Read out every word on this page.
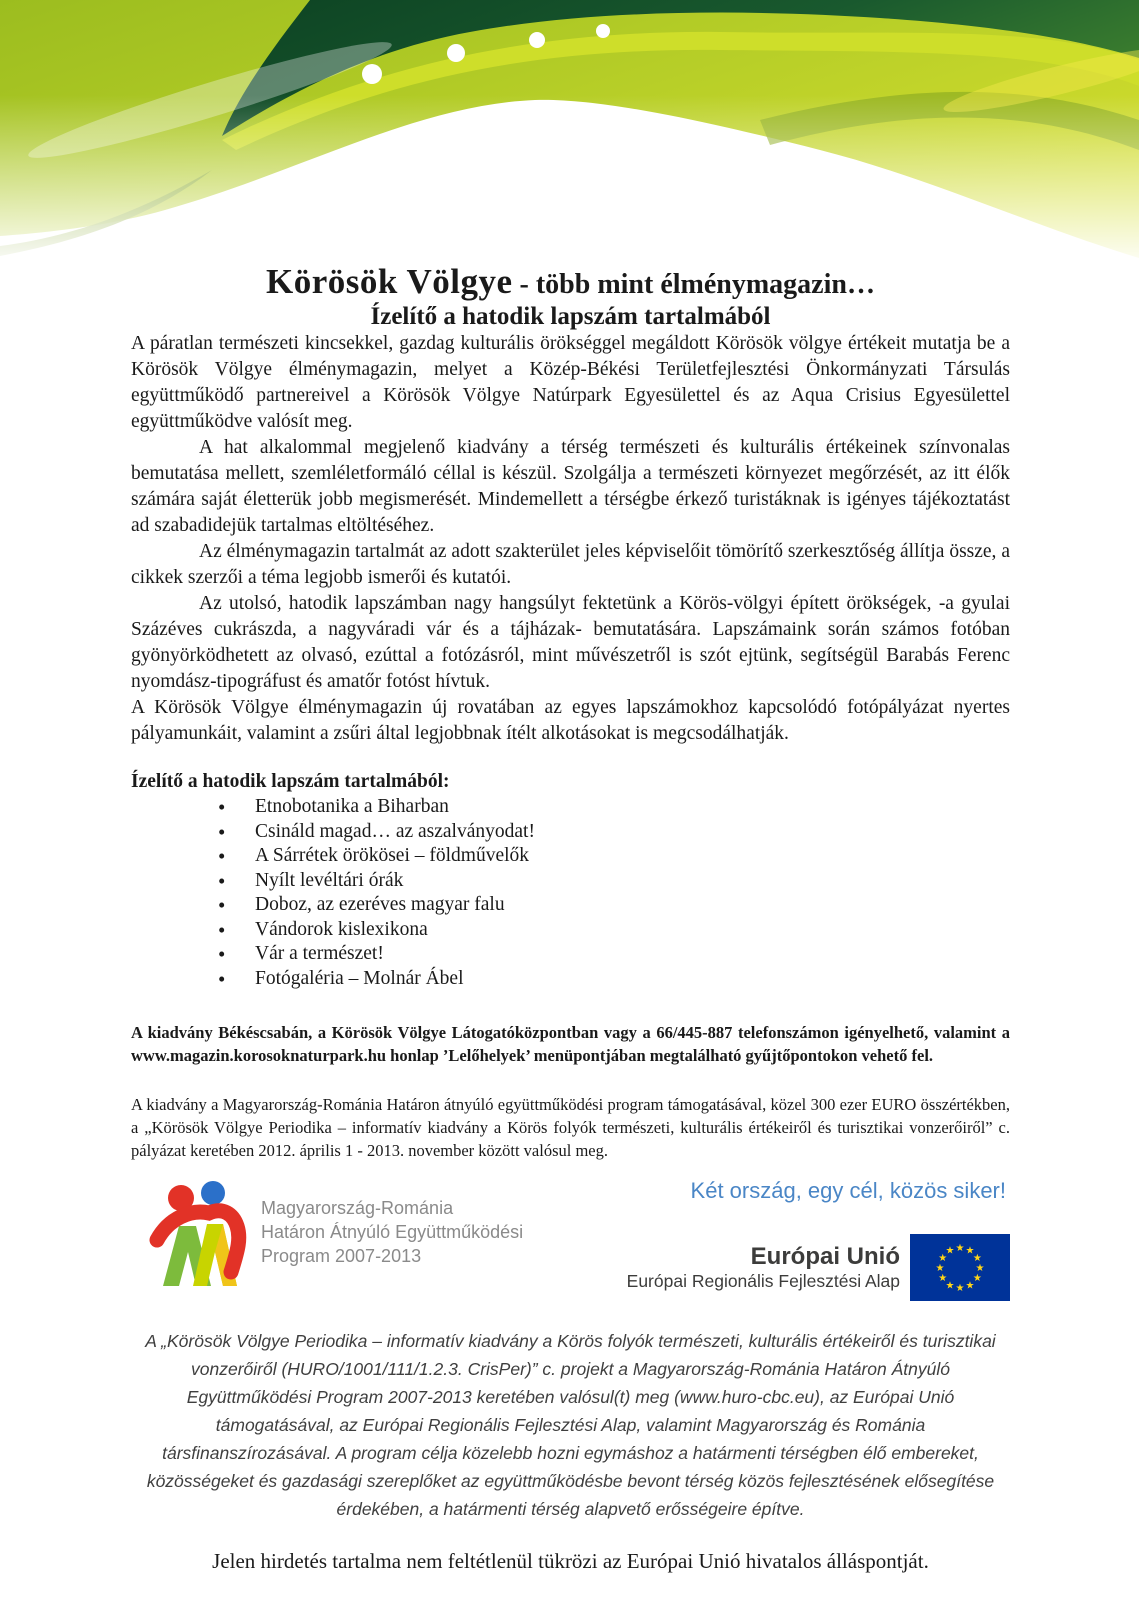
Körösök Völgye - több mint élménymagazin…
Ízelítő a hatodik lapszám tartalmából

A páratlan természeti kincsekkel, gazdag kulturális örökséggel megáldott Körösök völgye értékeit mutatja be a Körösök Völgye élménymagazin, melyet a Közép-Békési Területfejlesztési Önkormányzati Társulás együttműködő partnereivel a Körösök Völgye Natúrpark Egyesülettel és az Aqua Crisius Egyesülettel együttműködve valósít meg.

A hat alkalommal megjelenő kiadvány a térség természeti és kulturális értékeinek színvonalas bemutatása mellett, szemléletformáló céllal is készül. Szolgálja a természeti környezet megőrzését, az itt élők számára saját életterük jobb megismerését. Mindemellett a térségbe érkező turistáknak is igényes tájékoztatást ad szabadidejük tartalmas eltöltéséhez.

Az élménymagazin tartalmát az adott szakterület jeles képviselőit tömörítő szerkesztőség állítja össze, a cikkek szerzői a téma legjobb ismerői és kutatói.

Az utolsó, hatodik lapszámban nagy hangsúlyt fektetünk a Körös-völgyi épített örökségek, -a gyulai Százéves cukrászda, a nagyváradi vár és a tájházak- bemutatására. Lapszámaink során számos fotóban gyönyörködhetett az olvasó, ezúttal a fotózásról, mint művészetről is szót ejtünk, segítségül Barabás Ferenc nyomdász-tipográfust és amatőr fotóst hívtuk.

A Körösök Völgye élménymagazin új rovatában az egyes lapszámokhoz kapcsolódó fotópályázat nyertes pályamunkáit, valamint a zsűri által legjobbnak ítélt alkotásokat is megcsodálhatják.

Ízelítő a hatodik lapszám tartalmából:
• Etnobotanika a Biharban
• Csináld magad… az aszalványodat!
• A Sárrétek örökösei – földművelők
• Nyílt levéltári órák
• Doboz, az ezeréves magyar falu
• Vándorok kislexikona
• Vár a természet!
• Fotógaléria – Molnár Ábel

A kiadvány Békéscsabán, a Körösök Völgye Látogatóközpontban vagy a 66/445-887 telefonszámon igényelhető, valamint a www.magazin.korosoknaturpark.hu honlap ’Lelőhelyek’ menüpontjában megtalálható gyűjtőpontokon vehető fel.

A kiadvány a Magyarország-Románia Határon átnyúló együttműködési program támogatásával, közel 300 ezer EURO összértékben, a „Körösök Völgye Periodika – informatív kiadvány a Körös folyók természeti, kulturális értékeiről és turisztikai vonzerőiről” c. pályázat keretében 2012. április 1 - 2013. november között valósul meg.

Magyarország-Románia
Határon Átnyúló Együttműködési
Program 2007-2013
Két ország, egy cél, közös siker!
Európai Unió
Európai Regionális Fejlesztési Alap
★ ★
★
★
★
★
★
★
★
★
★
★

A „Körösök Völgye Periodika – informatív kiadvány a Körös folyók természeti, kulturális értékeiről és turisztikai vonzerőiről (HURO/1001/111/1.2.3. CrisPer)” c. projekt a Magyarország-Románia Határon Átnyúló Együttműködési Program 2007-2013 keretében valósul(t) meg (www.huro-cbc.eu), az Európai Unió támogatásával, az Európai Regionális Fejlesztési Alap, valamint Magyarország és Románia társfinanszírozásával. A program célja közelebb hozni egymáshoz a határmenti térségben élő embereket, közösségeket és gazdasági szereplőket az együttműködésbe bevont térség közös fejlesztésének elősegítése érdekében, a határmenti térség alapvető erősségeire építve.

Jelen hirdetés tartalma nem feltétlenül tükrözi az Európai Unió hivatalos álláspontját.
